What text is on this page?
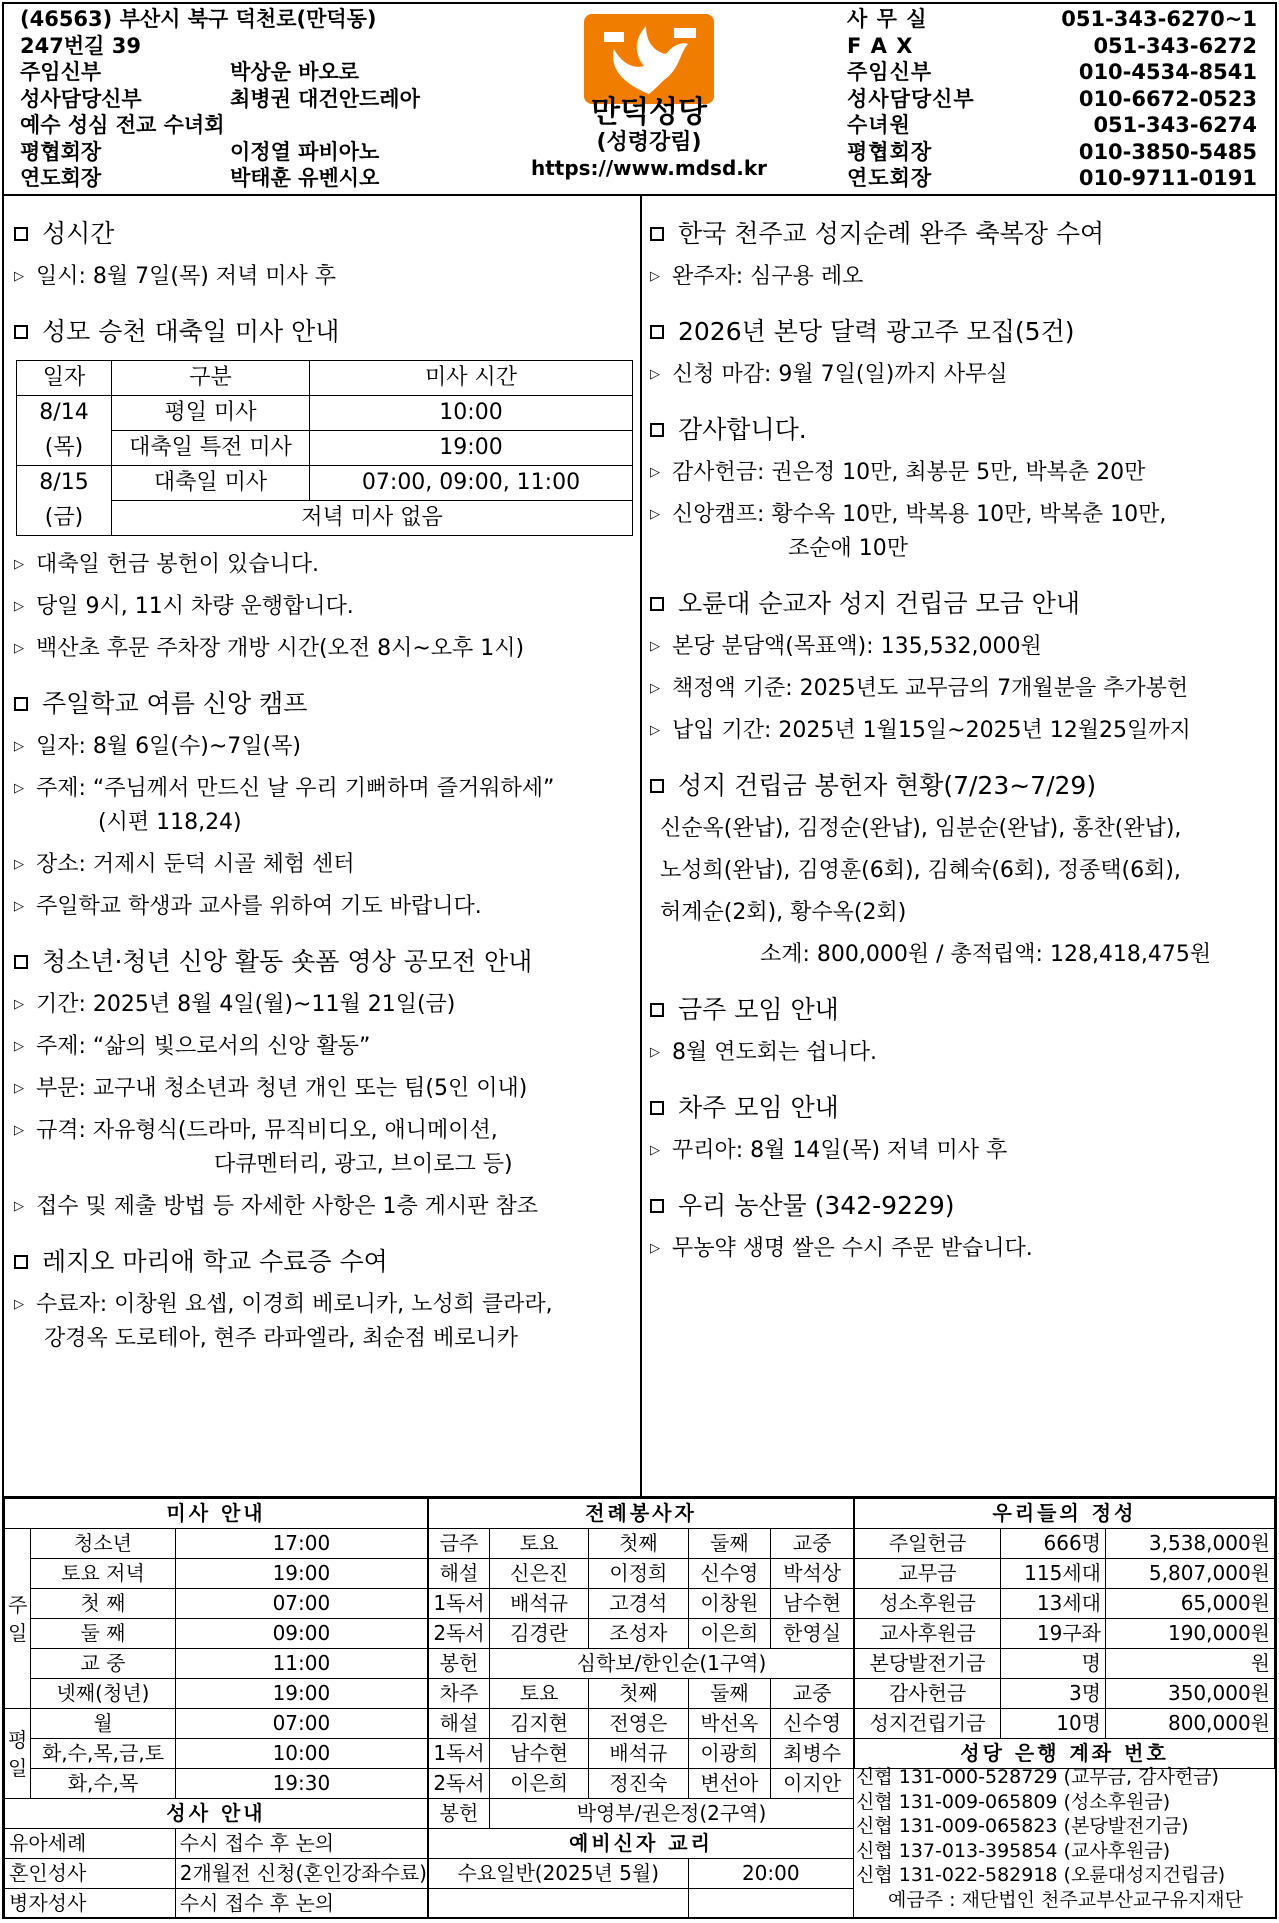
(46563) 부산시 북구 덕천로(만덕동)
247번길 39
주임신부	박상운 바오로
성사담당신부	최병권 대건안드레아
예수 성심 전교 수녀회
평협회장	이정열 파비아노
연도회장	박태훈 유벤시오
만덕성당
(성령강림)
https://www.mdsd.kr
사 무 실	051-343-6270~1
F A X	051-343-6272
주임신부	010-4534-8541
성사담당신부	010-6672-0523
수녀원	051-343-6274
평협회장	010-3850-5485
연도회장	010-9711-0191
성시간
▷ 일시: 8월 7일(목) 저녁 미사 후
성모 승천 대축일 미사 안내
일자	구분	미사 시간
8/14	평일 미사	10:00
(목)	대축일 특전 미사	19:00
8/15	대축일 미사	07:00, 09:00, 11:00
(금)	저녁 미사 없음	
▷ 대축일 헌금 봉헌이 있습니다.
▷ 당일 9시, 11시 차량 운행합니다.
▷ 백산초 후문 주차장 개방 시간(오전 8시~오후 1시)
주일학교 여름 신앙 캠프
▷ 일자: 8월 6일(수)~7일(목)
▷ 주제: “주님께서 만드신 날 우리 기뻐하며 즐거워하세”
(시편 118,24)
▷ 장소: 거제시 둔덕 시골 체험 센터
▷ 주일학교 학생과 교사를 위하여 기도 바랍니다.
청소년·청년 신앙 활동 숏폼 영상 공모전 안내
▷ 기간: 2025년 8월 4일(월)~11월 21일(금)
▷ 주제: “삶의 빛으로서의 신앙 활동”
▷ 부문: 교구내 청소년과 청년 개인 또는 팀(5인 이내)
▷ 규격: 자유형식(드라마, 뮤직비디오, 애니메이션,
다큐멘터리, 광고, 브이로그 등)
▷ 접수 및 제출 방법 등 자세한 사항은 1층 게시판 참조
레지오 마리애 학교 수료증 수여
▷ 수료자: 이창원 요셉, 이경희 베로니카, 노성희 클라라,
강경옥 도로테아, 현주 라파엘라, 최순점 베로니카
한국 천주교 성지순례 완주 축복장 수여
▷ 완주자: 심구용 레오
2026년 본당 달력 광고주 모집(5건)
▷ 신청 마감: 9월 7일(일)까지 사무실
감사합니다.
▷ 감사헌금: 권은정 10만, 최봉문 5만, 박복춘 20만
▷ 신앙캠프: 황수옥 10만, 박복용 10만, 박복춘 10만,
조순애 10만
오륜대 순교자 성지 건립금 모금 안내
▷ 본당 분담액(목표액): 135,532,000원
▷ 책정액 기준: 2025년도 교무금의 7개월분을 추가봉헌
▷ 납입 기간: 2025년 1월15일~2025년 12월25일까지
성지 건립금 봉헌자 현황(7/23~7/29)
신순옥(완납), 김정순(완납), 임분순(완납), 홍찬(완납),
노성희(완납), 김영훈(6회), 김혜숙(6회), 정종택(6회),
허계순(2회), 황수옥(2회)
소계: 800,000원 / 총적립액: 128,418,475원
금주 모임 안내
▷ 8월 연도회는 쉽니다.
차주 모임 안내
▷ 꾸리아: 8월 14일(목) 저녁 미사 후
우리 농산물 (342-9229)
▷ 무농약 생명 쌀은 수시 주문 받습니다.
미사 안내		
주
일	청소년	17:00
	토요 저녁	19:00
	첫 째	07:00
	둘 째	09:00
	교 중	11:00
	넷째(청년)	19:00
평
일	월	07:00
	화,수,목,금,토	10:00
	화,수,목	19:30
성사 안내		
유아세례		수시 접수 후 논의
혼인성사		2개월전 신청(혼인강좌수료)
병자성사		수시 접수 후 논의
전례봉사자				
금주	토요	첫째	둘째	교중
해설	신은진	이정희	신수영	박석상
1독서	배석규	고경석	이창원	남수현
2독서	김경란	조성자	이은희	한영실
봉헌	심학보/한인순(1구역)			
차주	토요	첫째	둘째	교중
해설	김지현	전영은	박선옥	신수영
1독서	남수현	배석규	이광희	최병수
2독서	이은희	정진숙	변선아	이지안
봉헌	박영부/권은정(2구역)			
예비신자 교리				
수요일반(2025년 5월)			20:00	

우리들의 정성		
주일헌금	666명	3,538,000원
교무금	115세대	5,807,000원
성소후원금	13세대	65,000원
교사후원금	19구좌	190,000원
본당발전기금	명	원
감사헌금	3명	350,000원
성지건립기금	10명	800,000원
성당 은행 계좌 번호		
신협 131-000-528729 (교무금, 감사헌금)
신협 131-009-065809 (성소후원금)
신협 131-009-065823 (본당발전기금)
신협 137-013-395854 (교사후원금)
신협 131-022-582918 (오륜대성지건립금)
예금주 : 재단법인 천주교부산교구유지재단
